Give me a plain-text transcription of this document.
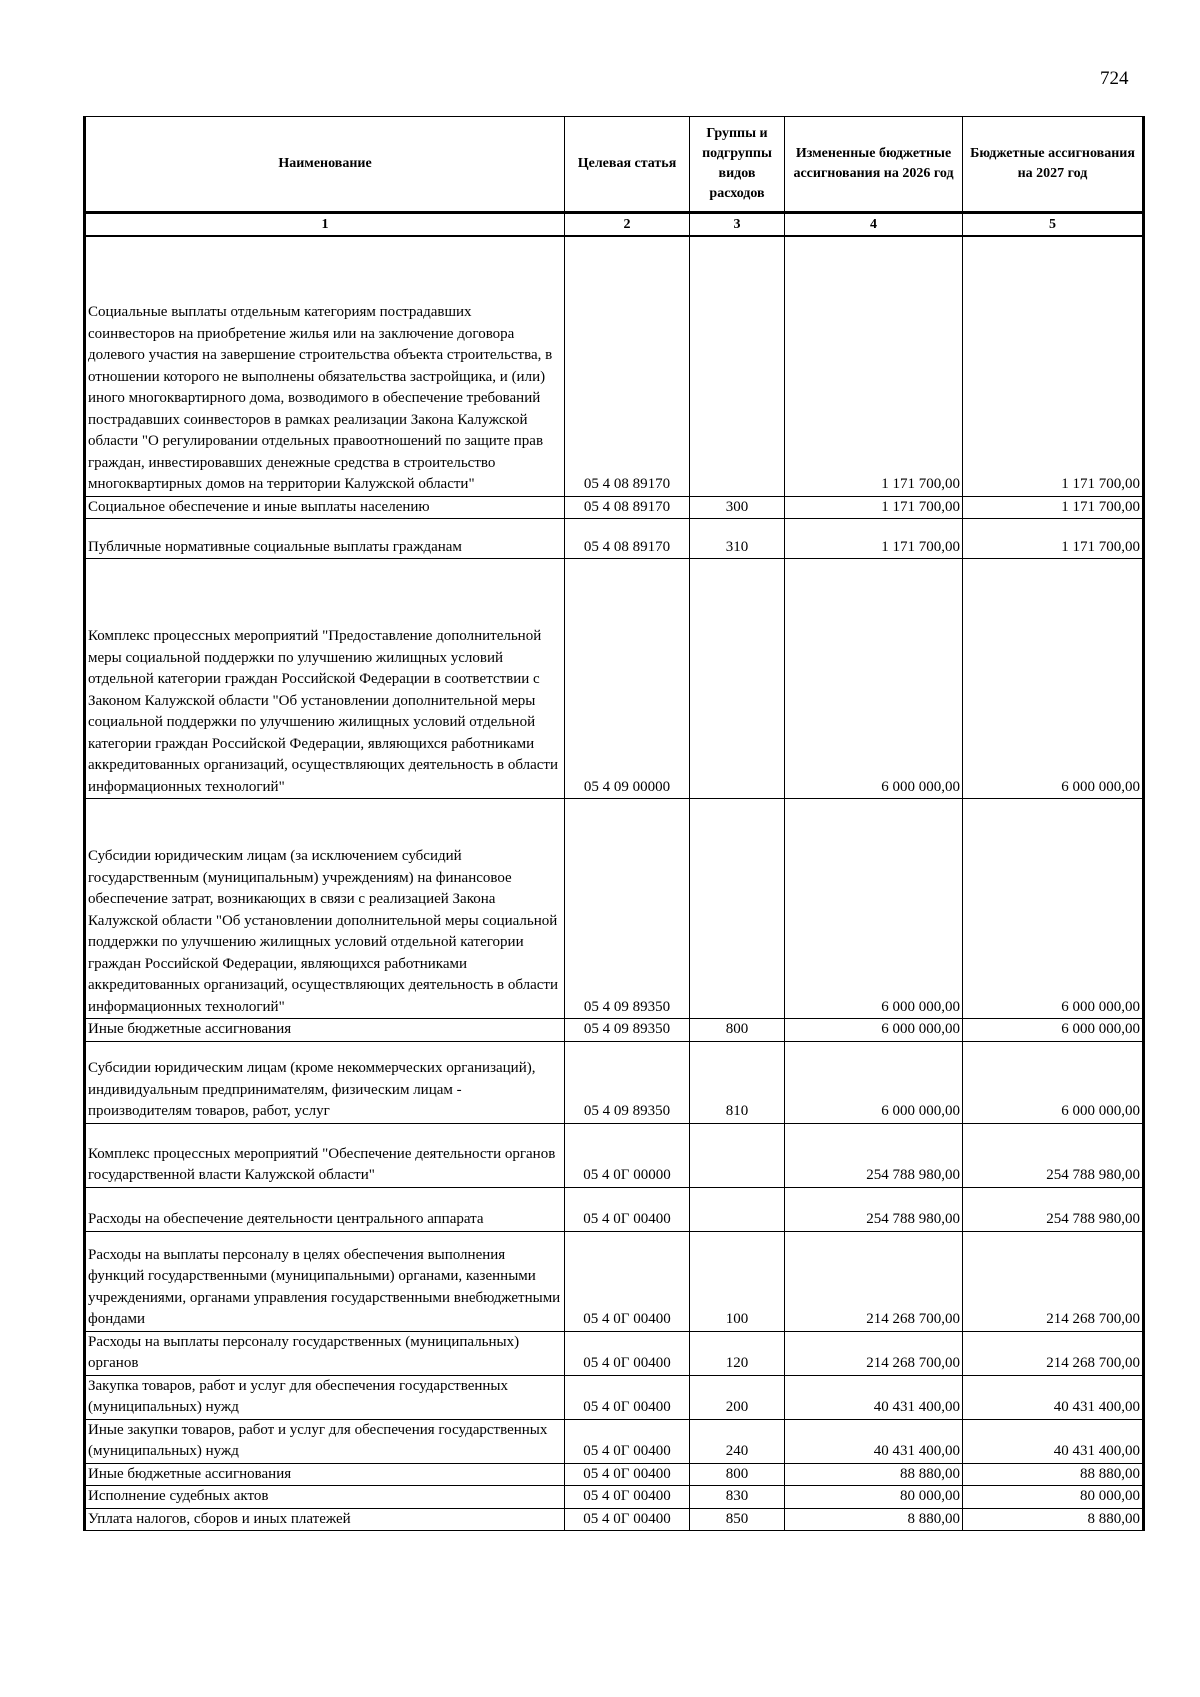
724
Наименование	Целевая статья	Группы и подгруппы видов расходов	Измененные бюджетные ассигнования на 2026 год	Бюджетные ассигнования на 2027 год
1	2	3	4	5
Социальные выплаты отдельным категориям пострадавших соинвесторов на приобретение жилья или на заключение договора долевого участия на завершение строительства объекта строительства, в отношении которого не выполнены обязательства застройщика, и (или) иного многоквартирного дома, возводимого в обеспечение требований пострадавших соинвесторов в рамках реализации Закона Калужской области "О регулировании отдельных правоотношений по защите прав граждан, инвестировавших денежные средства в строительство многоквартирных домов на территории Калужской области"	05 4 08 89170		1 171 700,00	1 171 700,00
Социальное обеспечение и иные выплаты населению	05 4 08 89170	300	1 171 700,00	1 171 700,00
Публичные нормативные социальные выплаты гражданам	05 4 08 89170	310	1 171 700,00	1 171 700,00
Комплекс процессных мероприятий "Предоставление дополнительной меры социальной поддержки по улучшению жилищных условий отдельной категории граждан Российской Федерации в соответствии с Законом Калужской области "Об установлении дополнительной меры социальной поддержки по улучшению жилищных условий отдельной категории граждан Российской Федерации, являющихся работниками аккредитованных организаций, осуществляющих деятельность в области информационных технологий"	05 4 09 00000		6 000 000,00	6 000 000,00
Субсидии юридическим лицам (за исключением субсидий государственным (муниципальным) учреждениям) на финансовое обеспечение затрат, возникающих в связи с реализацией Закона Калужской области "Об установлении дополнительной меры социальной поддержки по улучшению жилищных условий отдельной категории граждан Российской Федерации, являющихся работниками аккредитованных организаций, осуществляющих деятельность в области информационных технологий"	05 4 09 89350		6 000 000,00	6 000 000,00
Иные бюджетные ассигнования	05 4 09 89350	800	6 000 000,00	6 000 000,00
Субсидии юридическим лицам (кроме некоммерческих организаций), индивидуальным предпринимателям, физическим лицам - производителям товаров, работ, услуг	05 4 09 89350	810	6 000 000,00	6 000 000,00
Комплекс процессных мероприятий "Обеспечение деятельности органов государственной власти Калужской области"	05 4 0Г 00000		254 788 980,00	254 788 980,00
Расходы на обеспечение деятельности центрального аппарата	05 4 0Г 00400		254 788 980,00	254 788 980,00
Расходы на выплаты персоналу в целях обеспечения выполнения функций государственными (муниципальными) органами, казенными учреждениями, органами управления государственными внебюджетными фондами	05 4 0Г 00400	100	214 268 700,00	214 268 700,00
Расходы на выплаты персоналу государственных (муниципальных) органов	05 4 0Г 00400	120	214 268 700,00	214 268 700,00
Закупка товаров, работ и услуг для обеспечения государственных (муниципальных) нужд	05 4 0Г 00400	200	40 431 400,00	40 431 400,00
Иные закупки товаров, работ и услуг для обеспечения государственных (муниципальных) нужд	05 4 0Г 00400	240	40 431 400,00	40 431 400,00
Иные бюджетные ассигнования	05 4 0Г 00400	800	88 880,00	88 880,00
Исполнение судебных актов	05 4 0Г 00400	830	80 000,00	80 000,00
Уплата налогов, сборов и иных платежей	05 4 0Г 00400	850	8 880,00	8 880,00
